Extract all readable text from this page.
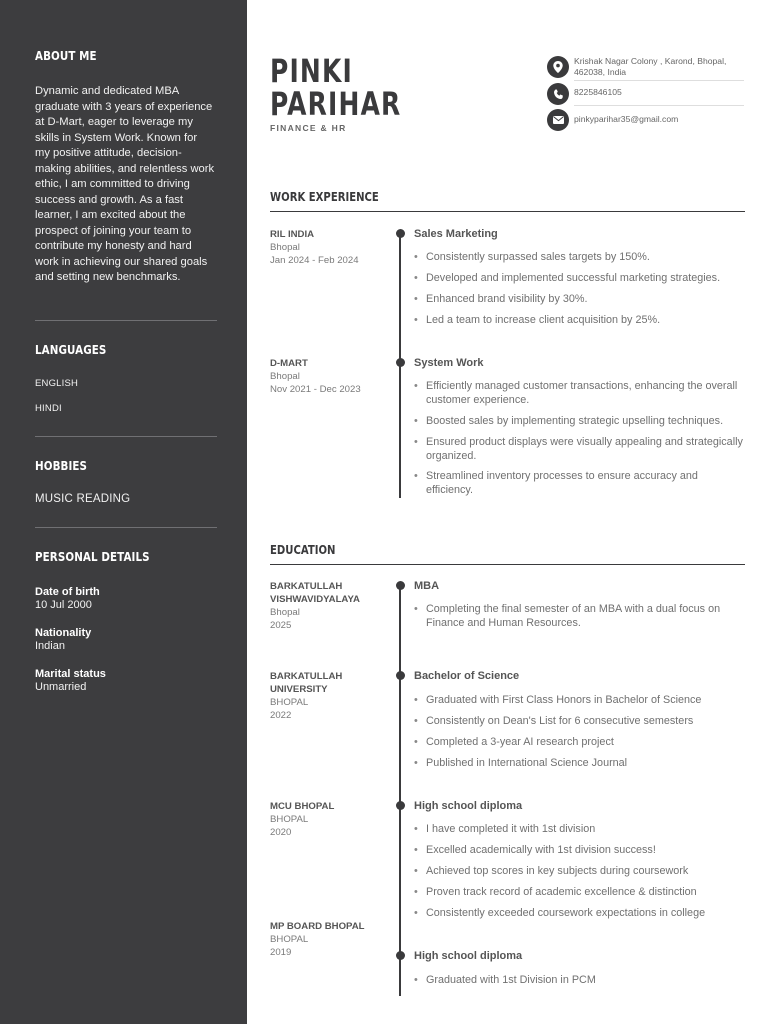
ABOUT ME
Dynamic and dedicated MBA graduate with 3 years of experience at D-Mart, eager to leverage my skills in System Work. Known for my positive attitude, decision-making abilities, and relentless work ethic, I am committed to driving success and growth. As a fast learner, I am excited about the prospect of joining your team to contribute my honesty and hard work in achieving our shared goals and setting new benchmarks.
LANGUAGES
ENGLISH
HINDI
HOBBIES
MUSIC READING
PERSONAL DETAILS
Date of birth
10 Jul 2000
Nationality
Indian
Marital status
Unmarried
PINKI
PARIHAR
FINANCE & HR
Krishak Nagar Colony , Karond, Bhopal, 462038, India
8225846105
pinkyparihar35@gmail.com
WORK EXPERIENCE
RIL INDIA
Bhopal
Jan 2024 - Feb 2024
Sales Marketing
• Consistently surpassed sales targets by 150%.
• Developed and implemented successful marketing strategies.
• Enhanced brand visibility by 30%.
• Led a team to increase client acquisition by 25%.
D-MART
Bhopal
Nov 2021 - Dec 2023
System Work
• Efficiently managed customer transactions, enhancing the overall customer experience.
• Boosted sales by implementing strategic upselling techniques.
• Ensured product displays were visually appealing and strategically organized.
• Streamlined inventory processes to ensure accuracy and efficiency.
EDUCATION
BARKATULLAH VISHWAVIDYALAYA
Bhopal
2025
MBA
• Completing the final semester of an MBA with a dual focus on Finance and Human Resources.
BARKATULLAH UNIVERSITY
BHOPAL
2022
Bachelor of Science
• Graduated with First Class Honors in Bachelor of Science
• Consistently on Dean's List for 6 consecutive semesters
• Completed a 3-year AI research project
• Published in International Science Journal
MCU BHOPAL
BHOPAL
2020
High school diploma
• I have completed it with 1st division
• Excelled academically with 1st division success!
• Achieved top scores in key subjects during coursework
• Proven track record of academic excellence & distinction
• Consistently exceeded coursework expectations in college
MP BOARD BHOPAL
BHOPAL
2019	High school diploma
• Graduated with 1st Division in PCM
